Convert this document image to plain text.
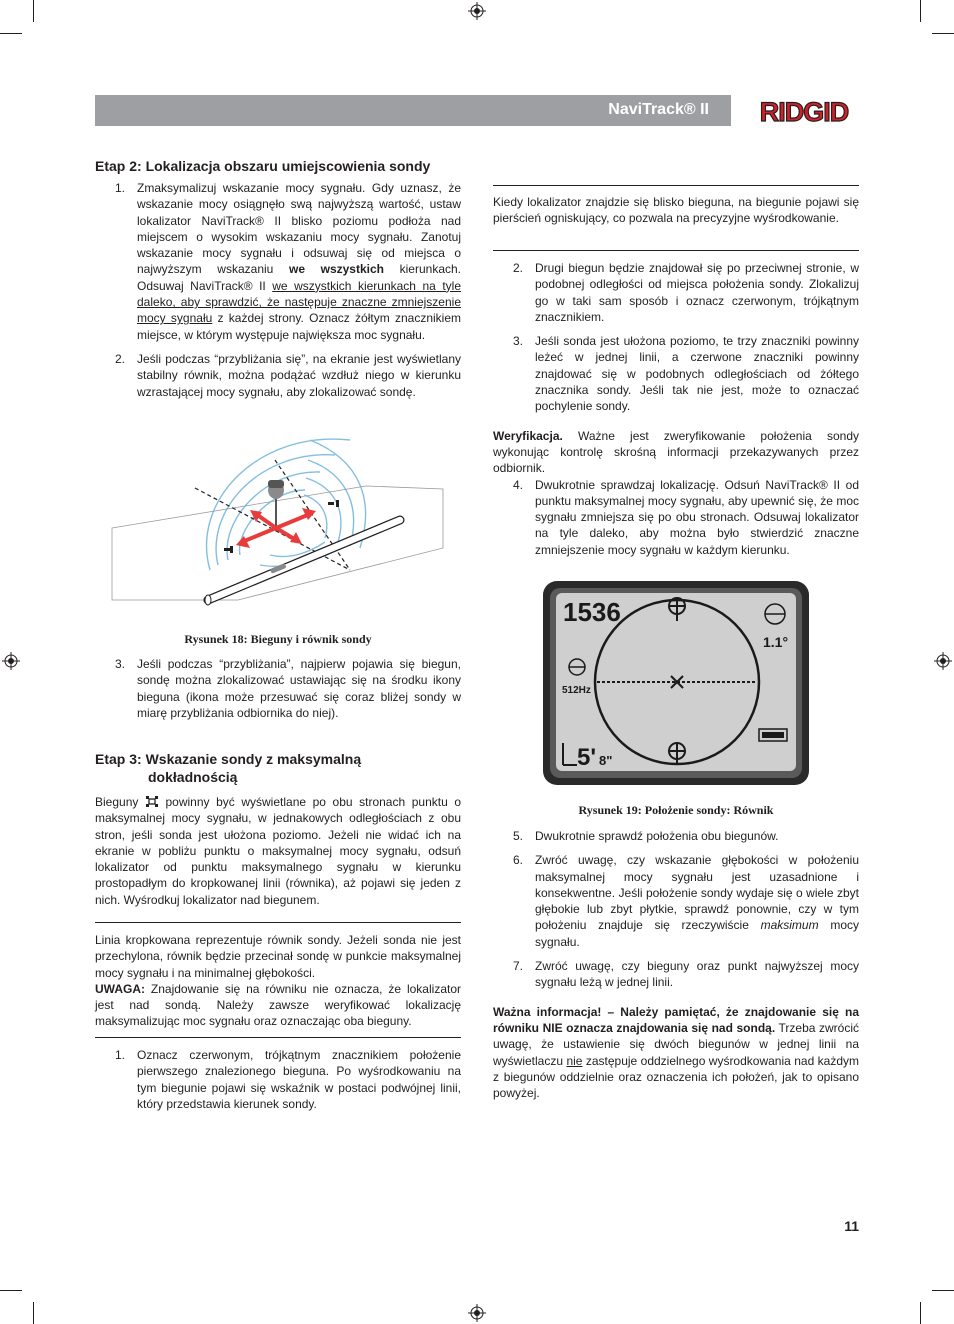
NaviTrack® II RIDGID
Etap 2: Lokalizacja obszaru umiejscowienia sondy
1. Zmaksymalizuj wskazanie mocy sygnału. Gdy uznasz, że wskazanie mocy osiągnęło swą najwyższą wartość, ustaw lokalizator NaviTrack® II blisko poziomu podłoża nad miejscem o wysokim wskazaniu mocy sygnału. Zanotuj wskazanie mocy sygnału i odsuwaj się od miejsca o najwyższym wskazaniu we wszystkich kierunkach. Odsuwaj NaviTrack® II we wszystkich kierunkach na tyle daleko, aby sprawdzić, że następuje znaczne zmniejszenie mocy sygnału z każdej strony. Oznacz żółtym znacznikiem miejsce, w którym występuje największa moc sygnału.

2. Jeśli podczas “przybliżania się”, na ekranie jest wyświetlany stabilny równik, można podążać wzdłuż niego w kierunku wzrastającej mocy sygnału, aby zlokalizować sondę.

Rysunek 18: Bieguny i równik sondy
3. Jeśli podczas “przybliżania”, najpierw pojawia się biegun, sondę można zlokalizować ustawiając się na środku ikony bieguna (ikona może przesuwać się coraz bliżej sondy w miarę przybliżania odbiornika do niej).

Etap 3: Wskazanie sondy z maksymalną
dokładnością

Bieguny  powinny być wyświetlane po obu stronach punktu o maksymalnej mocy sygnału, w jednakowych odległościach z obu stron, jeśli sonda jest ułożona poziomo. Jeżeli nie widać ich na ekranie w pobliżu punktu o maksymalnej mocy sygnału, odsuń lokalizator od punktu maksymalnego sygnału w kierunku prostopadłym do kropkowanej linii (równika), aż pojawi się jeden z nich. Wyśrodkuj lokalizator nad biegunem.

Linia kropkowana reprezentuje równik sondy. Jeżeli sonda nie jest przechylona, równik będzie przecinał sondę w punkcie maksymalnej mocy sygnału i na minimalnej głębokości.

UWAGA: Znajdowanie się na równiku nie oznacza, że lokalizator jest nad sondą. Należy zawsze weryfikować lokalizację maksymalizując moc sygnału oraz oznaczając oba bieguny.

1. Oznacz czerwonym, trójkątnym znacznikiem położenie pierwszego znalezionego bieguna. Po wyśrodkowaniu na tym biegunie pojawi się wskaźnik w postaci podwójnej linii, który przedstawia kierunek sondy.

Kiedy lokalizator znajdzie się blisko bieguna, na biegunie pojawi się pierścień ogniskujący, co pozwala na precyzyjne wyśrodkowanie.

2. Drugi biegun będzie znajdował się po przeciwnej stronie, w podobnej odległości od miejsca położenia sondy. Zlokalizuj go w taki sam sposób i oznacz czerwonym, trójkątnym znacznikiem.

3. Jeśli sonda jest ułożona poziomo, te trzy znaczniki powinny leżeć w jednej linii, a czerwone znaczniki powinny znajdować się w podobnych odległościach od żółtego znacznika sondy. Jeśli tak nie jest, może to oznaczać pochylenie sondy.

Weryfikacja. Ważne jest zweryfikowanie położenia sondy wykonując kontrolę skrośną informacji przekazywanych przez odbiornik.

4. Dwukrotnie sprawdzaj lokalizację. Odsuń NaviTrack® II od punktu maksymalnej mocy sygnału, aby upewnić się, że moc sygnału zmniejsza się po obu stronach. Odsuwaj lokalizator na tyle daleko, aby można było stwierdzić znaczne zmniejszenie mocy sygnału w każdym kierunku.

1536
1.1°
512Hz
5' 8"
Rysunek 19: Położenie sondy: Równik
5. Dwukrotnie sprawdź położenia obu biegunów.

6. Zwróć uwagę, czy wskazanie głębokości w położeniu maksymalnej mocy sygnału jest uzasadnione i konsekwentne. Jeśli położenie sondy wydaje się o wiele zbyt głębokie lub zbyt płytkie, sprawdź ponownie, czy w tym położeniu znajduje się rzeczywiście maksimum mocy sygnału.

7. Zwróć uwagę, czy bieguny oraz punkt najwyższej mocy sygnału leżą w jednej linii.

Ważna informacja! – Należy pamiętać, że znajdowanie się na równiku NIE oznacza znajdowania się nad sondą. Trzeba zwrócić uwagę, że ustawienie się dwóch biegunów w jednej linii na wyświetlaczu nie zastępuje oddzielnego wyśrodkowania nad każdym z biegunów oddzielnie oraz oznaczenia ich położeń, jak to opisano powyżej.

11
